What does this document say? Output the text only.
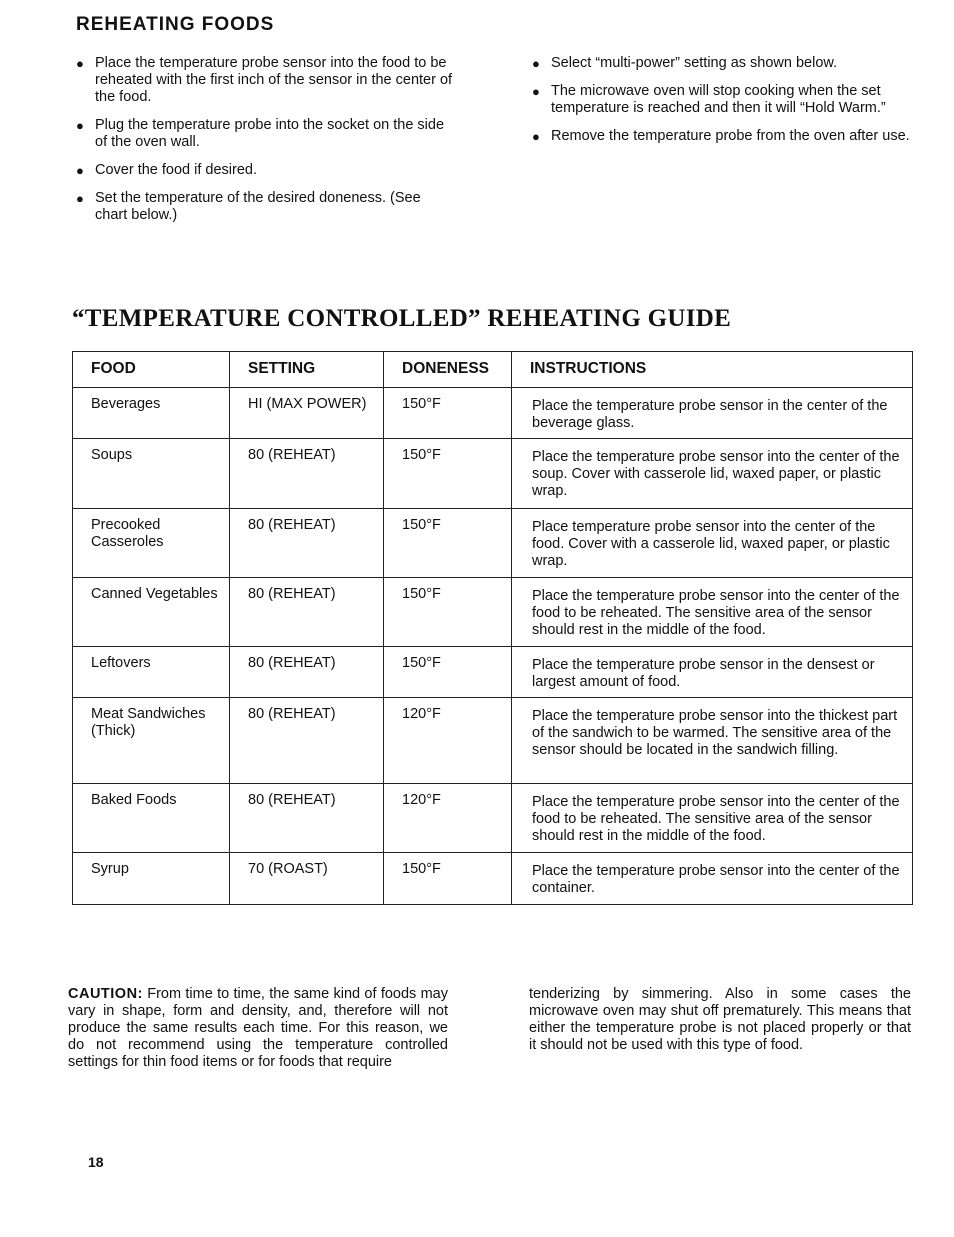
REHEATING FOODS
● Place the temperature probe sensor into the food to be reheated with the first inch of the sensor in the center of the food.
● Plug the temperature probe into the socket on the side of the oven wall.
● Cover the food if desired.
● Set the temperature of the desired doneness. (See chart below.)
● Select “multi-power” setting as shown below.
● The microwave oven will stop cooking when the set temperature is reached and then it will “Hold Warm.”
● Remove the temperature probe from the oven after use.
“TEMPERATURE CONTROLLED” REHEATING GUIDE
FOOD	SETTING	DONENESS	INSTRUCTIONS
Beverages	HI (MAX POWER)	150°F	Place the temperature probe sensor in the center of the beverage glass.
Soups	80 (REHEAT)	150°F	Place the temperature probe sensor into the center of the soup. Cover with casserole lid, waxed paper, or plastic wrap.
Precooked Casseroles	80 (REHEAT)	150°F	Place temperature probe sensor into the center of the food. Cover with a casserole lid, waxed paper, or plastic wrap.
Canned Vegetables	80 (REHEAT)	150°F	Place the temperature probe sensor into the center of the food to be reheated. The sensitive area of the sensor should rest in the middle of the food.
Leftovers	80 (REHEAT)	150°F	Place the temperature probe sensor in the densest or largest amount of food.
Meat Sandwiches (Thick)	80 (REHEAT)	120°F	Place the temperature probe sensor into the thickest part of the sandwich to be warmed. The sensitive area of the sensor should be located in the sandwich filling.
Baked Foods	80 (REHEAT)	120°F	Place the temperature probe sensor into the center of the food to be reheated. The sensitive area of the sensor should rest in the middle of the food.
Syrup	70 (ROAST)	150°F	Place the temperature probe sensor into the center of the container.
CAUTION: From time to time, the same kind of foods may vary in shape, form and density, and, therefore will not produce the same results each time. For this reason, we do not recommend using the temperature controlled settings for thin food items or for foods that require
tenderizing by simmering. Also in some cases the microwave oven may shut off prematurely. This means that either the temperature probe is not placed properly or that it should not be used with this type of food.
18
